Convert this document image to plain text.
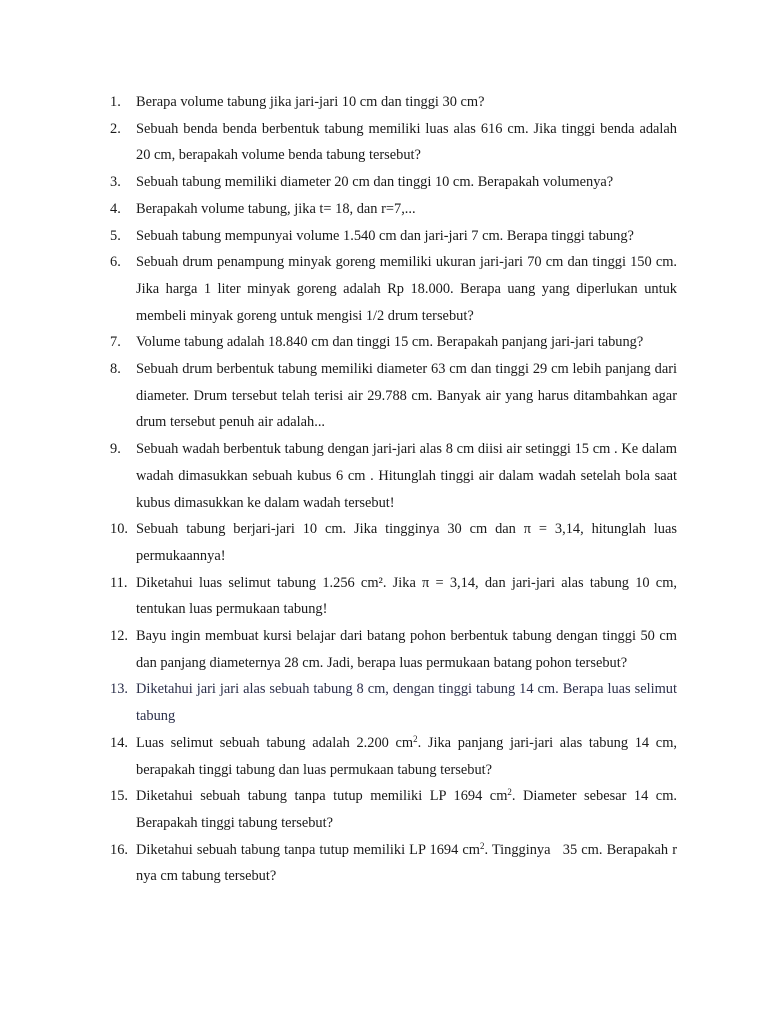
1.	Berapa volume tabung jika jari-jari 10 cm dan tinggi 30 cm?
2.	Sebuah benda benda berbentuk tabung memiliki luas alas 616 cm. Jika tinggi benda adalah 20 cm, berapakah volume benda tabung tersebut?
3.	Sebuah tabung memiliki diameter 20 cm dan tinggi 10 cm. Berapakah volumenya?
4.	Berapakah volume tabung, jika t= 18, dan r=7,...
5.	Sebuah tabung mempunyai volume 1.540 cm dan jari-jari 7 cm. Berapa tinggi tabung?
6.	Sebuah drum penampung minyak goreng memiliki ukuran jari-jari 70 cm dan tinggi 150 cm. Jika harga 1 liter minyak goreng adalah Rp 18.000. Berapa uang yang diperlukan untuk membeli minyak goreng untuk mengisi 1/2 drum tersebut?
7.	Volume tabung adalah 18.840 cm dan tinggi 15 cm. Berapakah panjang jari-jari tabung?
8.	Sebuah drum berbentuk tabung memiliki diameter 63 cm dan tinggi 29 cm lebih panjang dari diameter. Drum tersebut telah terisi air 29.788 cm. Banyak air yang harus ditambahkan agar drum tersebut penuh air adalah...
9.	Sebuah wadah berbentuk tabung dengan jari-jari alas 8 cm diisi air setinggi 15 cm . Ke dalam wadah dimasukkan sebuah kubus 6 cm . Hitunglah tinggi air dalam wadah setelah bola saat kubus dimasukkan ke dalam wadah tersebut!
10. Sebuah tabung berjari-jari 10 cm. Jika tingginya 30 cm dan π = 3,14, hitunglah luas permukaannya!
11. Diketahui luas selimut tabung 1.256 cm². Jika π = 3,14, dan jari-jari alas tabung 10 cm, tentukan luas permukaan tabung!
12. Bayu ingin membuat kursi belajar dari batang pohon berbentuk tabung dengan tinggi 50 cm dan panjang diameternya 28 cm. Jadi, berapa luas permukaan batang pohon tersebut?
13. Diketahui jari jari alas sebuah tabung 8 cm, dengan tinggi tabung 14 cm. Berapa luas selimut tabung
14. Luas selimut sebuah tabung adalah 2.200 $cm^2$. Jika panjang jari-jari alas tabung 14 cm, berapakah tinggi tabung dan luas permukaan tabung tersebut?
15. Diketahui sebuah tabung tanpa tutup memiliki LP 1694 $cm^2$. Diameter sebesar 14 cm. Berapakah tinggi tabung tersebut?
16. Diketahui sebuah tabung tanpa tutup memiliki LP 1694 $cm^2$. Tingginya   35 cm. Berapakah r nya cm tabung tersebut?
